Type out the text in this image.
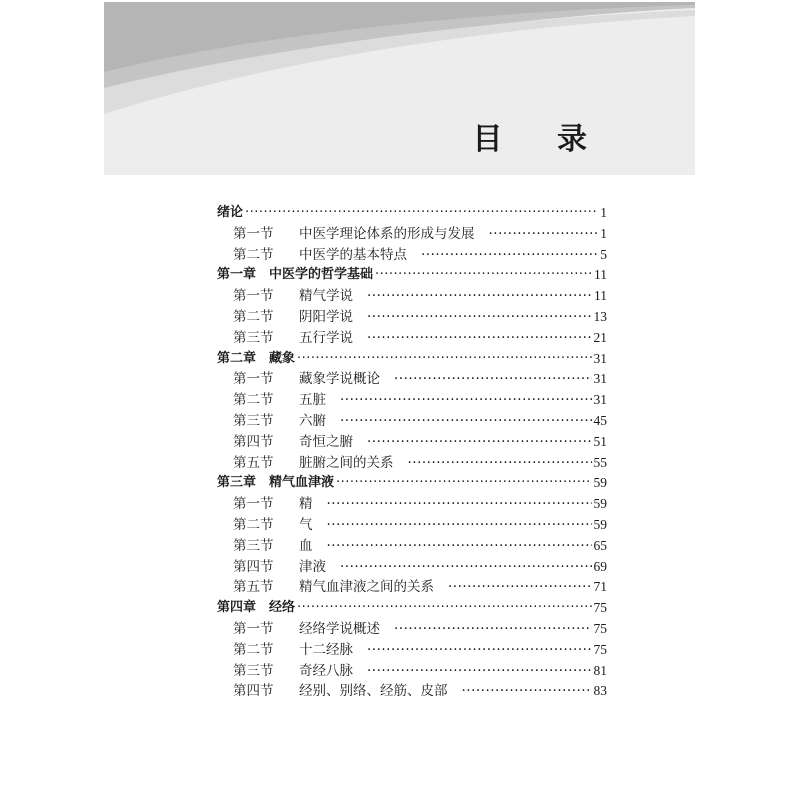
目 录
绪论 ·····	1
第一节	中医学理论体系的形成与发展 ·····	1
第二节	中医学的基本特点 ·····	5
第一章　中医学的哲学基础 ·····	11
第一节	精气学说 ·····	11
第二节	阴阳学说 ·····	13
第三节	五行学说 ·····	21
第二章　藏象 ·····	31
第一节	藏象学说概论 ·····	31
第二节	五脏 ·····	31
第三节	六腑 ·····	45
第四节	奇恒之腑 ·····	51
第五节	脏腑之间的关系 ·····	55
第三章　精气血津液 ·····	59
第一节	精 ·····	59
第二节	气 ·····	59
第三节	血 ·····	65
第四节	津液 ·····	69
第五节	精气血津液之间的关系 ·····	71
第四章　经络 ·····	75
第一节	经络学说概述 ·····	75
第二节	十二经脉 ·····	75
第三节	奇经八脉 ·····	81
第四节	经别、别络、经筋、皮部 ·····	83
